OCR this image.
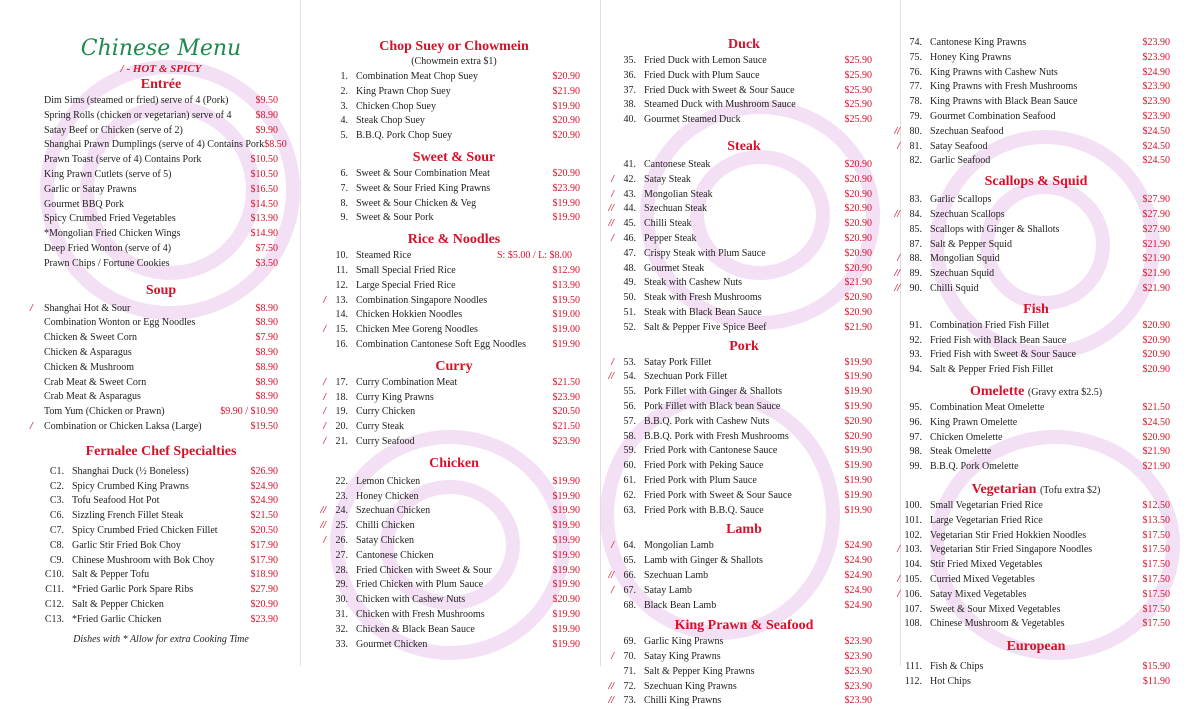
Chinese Menu
/ - HOT & SPICY
Entrée
Dim Sims (steamed or fried) serve of 4 (Pork)	$9.50
Spring Rolls (chicken or vegetarian) serve of 4	$8.90
Satay Beef or Chicken (serve of 2)	$9.90
Shanghai Prawn Dumplings (serve of 4) Contains Pork $8.50
Prawn Toast (serve of 4) Contains Pork	$10.50
King Prawn Cutlets (serve of 5)	$10.50
Garlic or Satay Prawns	$16.50
Gourmet BBQ Pork	$14.50
Spicy Crumbed Fried Vegetables	$13.90
*Mongolian Fried Chicken Wings	$14.90
Deep Fried Wonton (serve of 4)	$7.50
Prawn Chips / Fortune Cookies	$3.50
Soup
/ Shanghai Hot & Sour	$8.90
Combination Wonton or Egg Noodles	$8.90
Chicken & Sweet Corn	$7.90
Chicken & Asparagus	$8.90
Chicken & Mushroom	$8.90
Crab Meat & Sweet Corn	$8.90
Crab Meat & Asparagus	$8.90
Tom Yum (Chicken or Prawn)	$9.90 / $10.90
/ Combination or Chicken Laksa (Large)	$19.50
Fernalee Chef Specialties
C1. Shanghai Duck (½ Boneless)	$26.90
C2. Spicy Crumbed King Prawns	$24.90
C3. Tofu Seafood Hot Pot	$24.90
C6. Sizzling French Fillet Steak	$21.50
C7. Spicy Crumbed Fried Chicken Fillet	$20.50
C8. Garlic Stir Fried Bok Choy	$17.90
C9. Chinese Mushroom with Bok Choy	$17.90
C10. Salt & Pepper Tofu	$18.90
C11. *Fried Garlic Pork Spare Ribs	$27.90
C12. Salt & Pepper Chicken	$20.90
C13. *Fried Garlic Chicken	$23.90
Dishes with * Allow for extra Cooking Time
Chop Suey or Chowmein
(Chowmein extra $1)
1. Combination Meat Chop Suey	$20.90
2. King Prawn Chop Suey	$21.90
3. Chicken Chop Suey	$19.90
4. Steak Chop Suey	$20.90
5. B.B.Q. Pork Chop Suey	$20.90
Sweet & Sour
6. Sweet & Sour Combination Meat	$20.90
7. Sweet & Sour Fried King Prawns	$23.90
8. Sweet & Sour Chicken & Veg	$19.90
9. Sweet & Sour Pork	$19.90
Rice & Noodles
10. Steamed Rice	S: $5.00 / L: $8.00
11. Small Special Fried Rice	$12.90
12. Large Special Fried Rice	$13.90
/ 13. Combination Singapore Noodles	$19.50
14. Chicken Hokkien Noodles	$19.00
/ 15. Chicken Mee Goreng Noodles	$19.00
16. Combination Cantonese Soft Egg Noodles	$19.90
Curry
/ 17. Curry Combination Meat	$21.50
/ 18. Curry King Prawns	$23.90
/ 19. Curry Chicken	$20.50
/ 20. Curry Steak	$21.50
/ 21. Curry Seafood	$23.90
Chicken
22. Lemon Chicken	$19.90
23. Honey Chicken	$19.90
// 24. Szechuan Chicken	$19.90
// 25. Chilli Chicken	$19.90
/ 26. Satay Chicken	$19.90
27. Cantonese Chicken	$19.90
28. Fried Chicken with Sweet & Sour	$19.90
29. Fried Chicken with Plum Sauce	$19.90
30. Chicken with Cashew Nuts	$20.90
31. Chicken with Fresh Mushrooms	$19.90
32. Chicken & Black Bean Sauce	$19.90
33. Gourmet Chicken	$19.90
Duck
35. Fried Duck with Lemon Sauce	$25.90
36. Fried Duck with Plum Sauce	$25.90
37. Fried Duck with Sweet & Sour Sauce	$25.90
38. Steamed Duck with Mushroom Sauce	$25.90
40. Gourmet Steamed Duck	$25.90
Steak
41. Cantonese Steak	$20.90
/ 42. Satay Steak	$20.90
/ 43. Mongolian Steak	$20.90
// 44. Szechuan Steak	$20.90
// 45. Chilli Steak	$20.90
/ 46. Pepper Steak	$20.90
47. Crispy Steak with Plum Sauce	$20.90
48. Gourmet Steak	$20.90
49. Steak with Cashew Nuts	$21.90
50. Steak with Fresh Mushrooms	$20.90
51. Steak with Black Bean Sauce	$20.90
52. Salt & Pepper Five Spice Beef	$21.90
Pork
/ 53. Satay Pork Fillet	$19.90
// 54. Szechuan Pork Fillet	$19.90
55. Pork Fillet with Ginger & Shallots	$19.90
56. Pork Fillet with Black bean Sauce	$19.90
57. B.B.Q. Pork with Cashew Nuts	$20.90
58. B.B.Q. Pork with Fresh Mushrooms	$20.90
59. Fried Pork with Cantonese Sauce	$19.90
60. Fried Pork with Peking Sauce	$19.90
61. Fried Pork with Plum Sauce	$19.90
62. Fried Pork with Sweet & Sour Sauce	$19.90
63. Fried Pork with B.B.Q. Sauce	$19.90
Lamb
/ 64. Mongolian Lamb	$24.90
65. Lamb with Ginger & Shallots	$24.90
// 66. Szechuan Lamb	$24.90
/ 67. Satay Lamb	$24.90
68. Black Bean Lamb	$24.90
King Prawn & Seafood
69. Garlic King Prawns	$23.90
/ 70. Satay King Prawns	$23.90
71. Salt & Pepper King Prawns	$23.90
// 72. Szechuan King Prawns	$23.90
// 73. Chilli King Prawns	$23.90
74. Cantonese King Prawns	$23.90
75. Honey King Prawns	$23.90
76. King Prawns with Cashew Nuts	$24.90
77. King Prawns with Fresh Mushrooms	$23.90
78. King Prawns with Black Bean Sauce	$23.90
79. Gourmet Combination Seafood	$23.90
// 80. Szechuan Seafood	$24.50
/ 81. Satay Seafood	$24.50
82. Garlic Seafood	$24.50
Scallops & Squid
83. Garlic Scallops	$27.90
// 84. Szechuan Scallops	$27.90
85. Scallops with Ginger & Shallots	$27.90
87. Salt & Pepper Squid	$21.90
/ 88. Mongolian Squid	$21.90
// 89. Szechuan Squid	$21.90
// 90. Chilli Squid	$21.90
Fish
91. Combination Fried Fish Fillet	$20.90
92. Fried Fish with Black Bean Sauce	$20.90
93. Fried Fish with Sweet & Sour Sauce	$20.90
94. Salt & Pepper Fried Fish Fillet	$20.90
Omelette (Gravy extra $2.5)
95. Combination Meat Omelette	$21.50
96. King Prawn Omelette	$24.50
97. Chicken Omelette	$20.90
98. Steak Omelette	$21.90
99. B.B.Q. Pork Omelette	$21.90
Vegetarian (Tofu extra $2)
100. Small Vegetarian Fried Rice	$12.50
101. Large Vegetarian Fried Rice	$13.50
102. Vegetarian Stir Fried Hokkien Noodles	$17.50
/ 103. Vegetarian Stir Fried Singapore Noodles	$17.50
104. Stir Fried Mixed Vegetables	$17.50
/ 105. Curried Mixed Vegetables	$17.50
/ 106. Satay Mixed Vegetables	$17.50
107. Sweet & Sour Mixed Vegetables	$17.50
108. Chinese Mushroom & Vegetables	$17.50
European
111. Fish & Chips	$15.90
112. Hot Chips	$11.90
